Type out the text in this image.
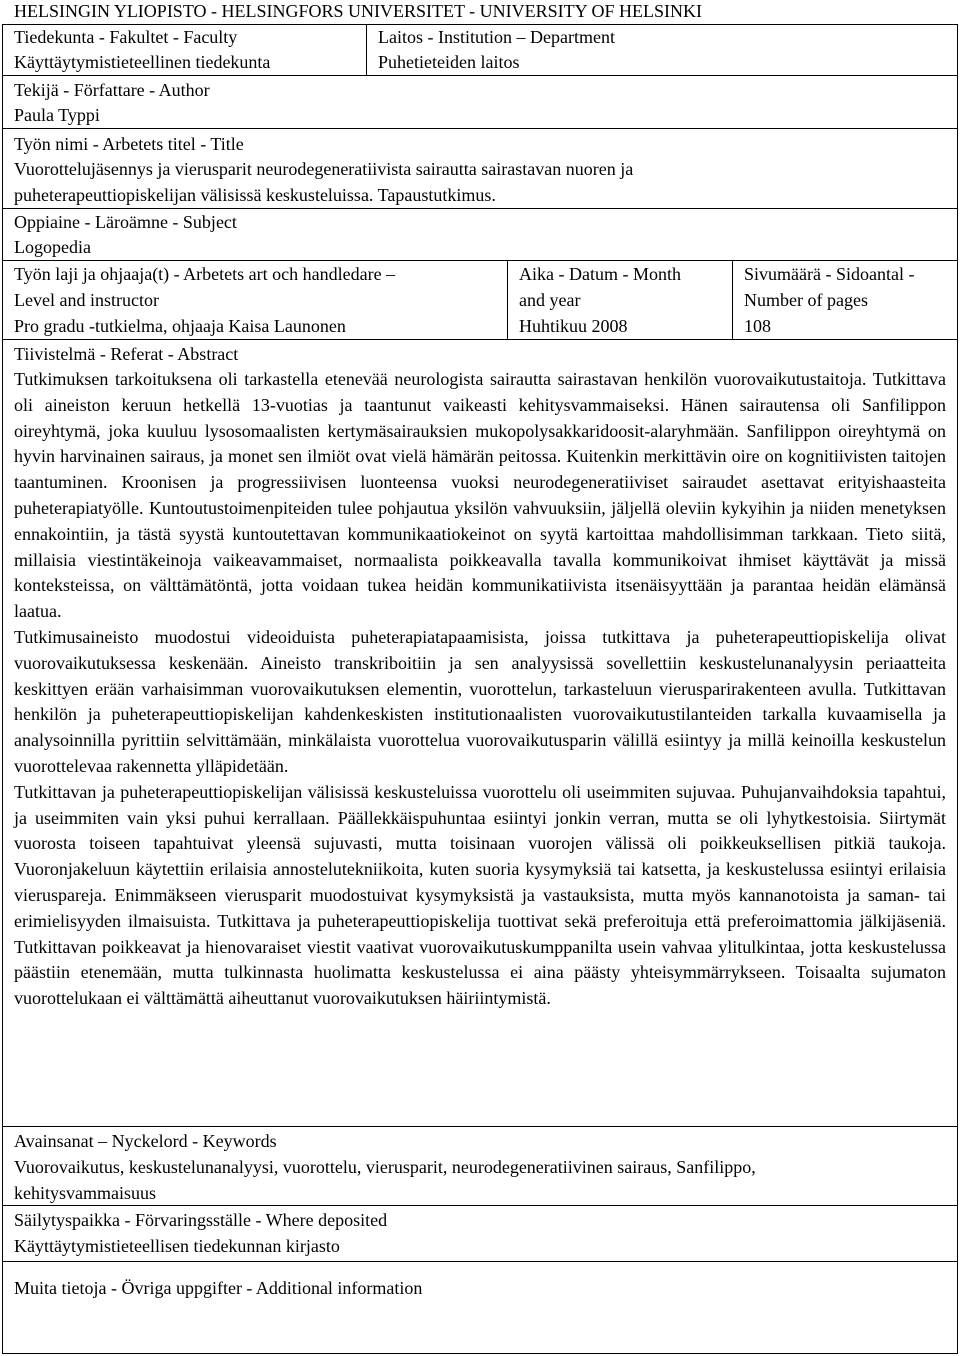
HELSINGIN YLIOPISTO - HELSINGFORS UNIVERSITET - UNIVERSITY OF HELSINKI
Tiedekunta - Fakultet - Faculty
Käyttäytymistieteellinen tiedekunta
Laitos - Institution – Department
Puhetieteiden laitos
Tekijä - Författare - Author
Paula Typpi
Työn nimi - Arbetets titel - Title
Vuorottelujäsennys ja vierusparit neurodegeneratiivista sairautta sairastavan nuoren ja
puheterapeuttiopiskelijan välisissä keskusteluissa. Tapaustutkimus.
Oppiaine - Läroämne - Subject
Logopedia
Työn laji ja ohjaaja(t) - Arbetets art och handledare –
Level and instructor
Pro gradu -tutkielma, ohjaaja Kaisa Launonen
Aika - Datum - Month
and year
Huhtikuu 2008
Sivumäärä - Sidoantal -
Number of pages
108
Tiivistelmä - Referat - Abstract

Tutkimuksen tarkoituksena oli tarkastella etenevää neurologista sairautta sairastavan henkilön vuorovaikutustaitoja. Tutkittava oli aineiston keruun hetkellä 13-vuotias ja taantunut vaikeasti kehitysvammaiseksi. Hänen sairautensa oli Sanfilippon oireyhtymä, joka kuuluu lysosomaalisten kertymäsairauksien mukopolysakkaridoosit-alaryhmään. Sanfilippon oireyhtymä on hyvin harvinainen sairaus, ja monet sen ilmiöt ovat vielä hämärän peitossa. Kuitenkin merkittävin oire on kognitiivisten taitojen taantuminen. Kroonisen ja progressiivisen luonteensa vuoksi neurodegeneratiiviset sairaudet asettavat erityishaasteita puheterapiatyölle. Kuntoutustoimenpiteiden tulee pohjautua yksilön vahvuuksiin, jäljellä oleviin kykyihin ja niiden menetyksen ennakointiin, ja tästä syystä kuntoutettavan kommunikaatiokeinot on syytä kartoittaa mahdollisimman tarkkaan. Tieto siitä, millaisia viestintäkeinoja vaikeavammaiset, normaalista poikkeavalla tavalla kommunikoivat ihmiset käyttävät ja missä konteksteissa, on välttämätöntä, jotta voidaan tukea heidän kommunikatiivista itsenäisyyttään ja parantaa heidän elämänsä laatua.

Tutkimusaineisto muodostui videoiduista puheterapiatapaamisista, joissa tutkittava ja puheterapeuttiopiskelija olivat vuorovaikutuksessa keskenään. Aineisto transkriboitiin ja sen analyysissä sovellettiin keskustelunanalyysin periaatteita keskittyen erään varhaisimman vuorovaikutuksen elementin, vuorottelun, tarkasteluun vierusparirakenteen avulla. Tutkittavan henkilön ja puheterapeuttiopiskelijan kahdenkeskisten institutionaalisten vuorovaikutustilanteiden tarkalla kuvaamisella ja analysoinnilla pyrittiin selvittämään, minkälaista vuorottelua vuorovaikutusparin välillä esiintyy ja millä keinoilla keskustelun vuorottelevaa rakennetta ylläpidetään.

Tutkittavan ja puheterapeuttiopiskelijan välisissä keskusteluissa vuorottelu oli useimmiten sujuvaa. Puhujanvaihdoksia tapahtui, ja useimmiten vain yksi puhui kerrallaan. Päällekkäispuhuntaa esiintyi jonkin verran, mutta se oli lyhytkestoisia. Siirtymät vuorosta toiseen tapahtuivat yleensä sujuvasti, mutta toisinaan vuorojen välissä oli poikkeuksellisen pitkiä taukoja. Vuoronjakeluun käytettiin erilaisia annostelutekniikoita, kuten suoria kysymyksiä tai katsetta, ja keskustelussa esiintyi erilaisia vieruspareja. Enimmäkseen vierusparit muodostuivat kysymyksistä ja vastauksista, mutta myös kannanotoista ja saman- tai erimielisyyden ilmaisuista. Tutkittava ja puheterapeuttiopiskelija tuottivat sekä preferoituja että preferoimattomia jälkijäseniä. Tutkittavan poikkeavat ja hienovaraiset viestit vaativat vuorovaikutuskumppanilta usein vahvaa ylitulkintaa, jotta keskustelussa päästiin etenemään, mutta tulkinnasta huolimatta keskustelussa ei aina päästy yhteisymmärrykseen. Toisaalta sujumaton vuorottelukaan ei välttämättä aiheuttanut vuorovaikutuksen häiriintymistä.

Avainsanat – Nyckelord - Keywords
Vuorovaikutus, keskustelunanalyysi, vuorottelu, vierusparit, neurodegeneratiivinen sairaus, Sanfilippo,
kehitysvammaisuus
Säilytyspaikka - Förvaringsställe - Where deposited
Käyttäytymistieteellisen tiedekunnan kirjasto
Muita tietoja - Övriga uppgifter - Additional information
